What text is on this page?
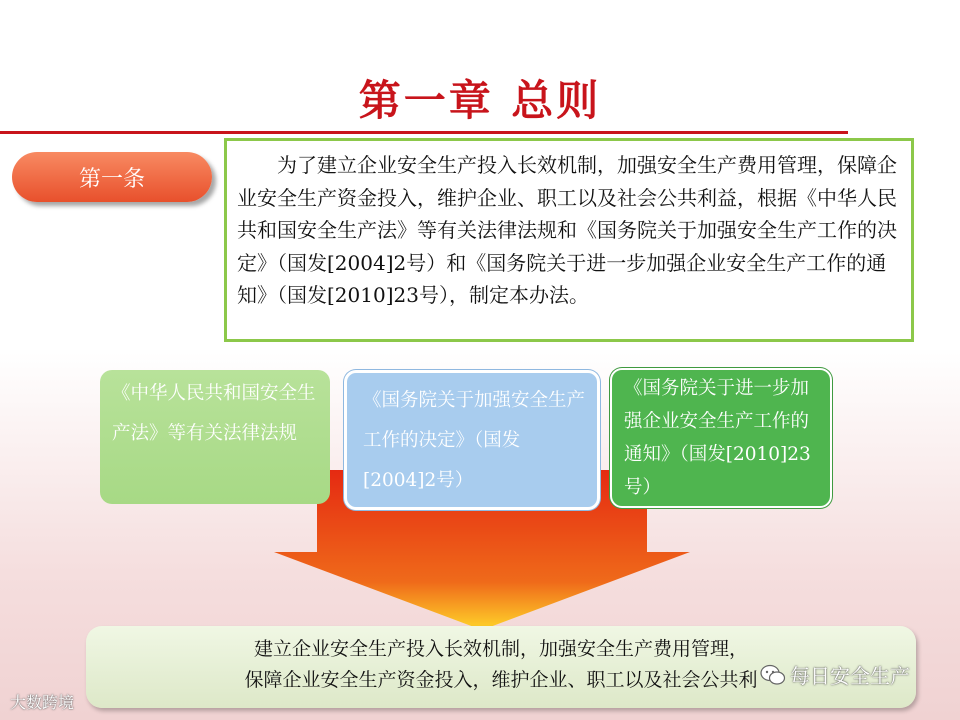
第一章 总则
第一条
为了建立企业安全生产投入长效机制，加强安全生产费用管理，保障企业安全生产资金投入，维护企业、职工以及社会公共利益，根据《中华人民共和国安全生产法》等有关法律法规和《国务院关于加强安全生产工作的决定》（国发[2004]2号）和《国务院关于进一步加强企业安全生产工作的通知》（国发[2010]23号），制定本办法。
《中华人民共和国安全生产法》等有关法律法规
《国务院关于加强安全生产工作的决定》（国发[2004]2号）
《国务院关于进一步加强企业安全生产工作的通知》（国发[2010]23号）
建立企业安全生产投入长效机制，加强安全生产费用管理，
保障企业安全生产资金投入，维护企业、职工以及社会公共利
大数跨境
每日安全生产
